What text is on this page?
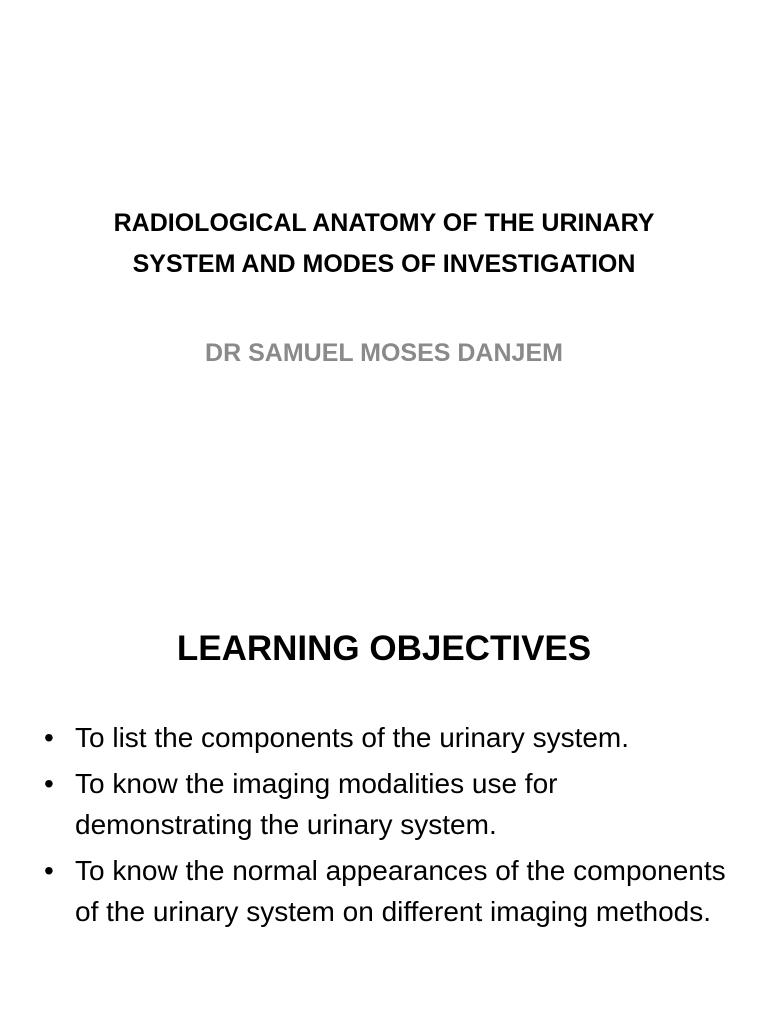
RADIOLOGICAL ANATOMY OF THE URINARY
SYSTEM AND MODES OF INVESTIGATION

DR SAMUEL MOSES DANJEM

LEARNING OBJECTIVES
• To list the components of the urinary system.
• To know the imaging modalities use for demonstrating the urinary system.
• To know the normal appearances of the components of the urinary system on different imaging methods.
